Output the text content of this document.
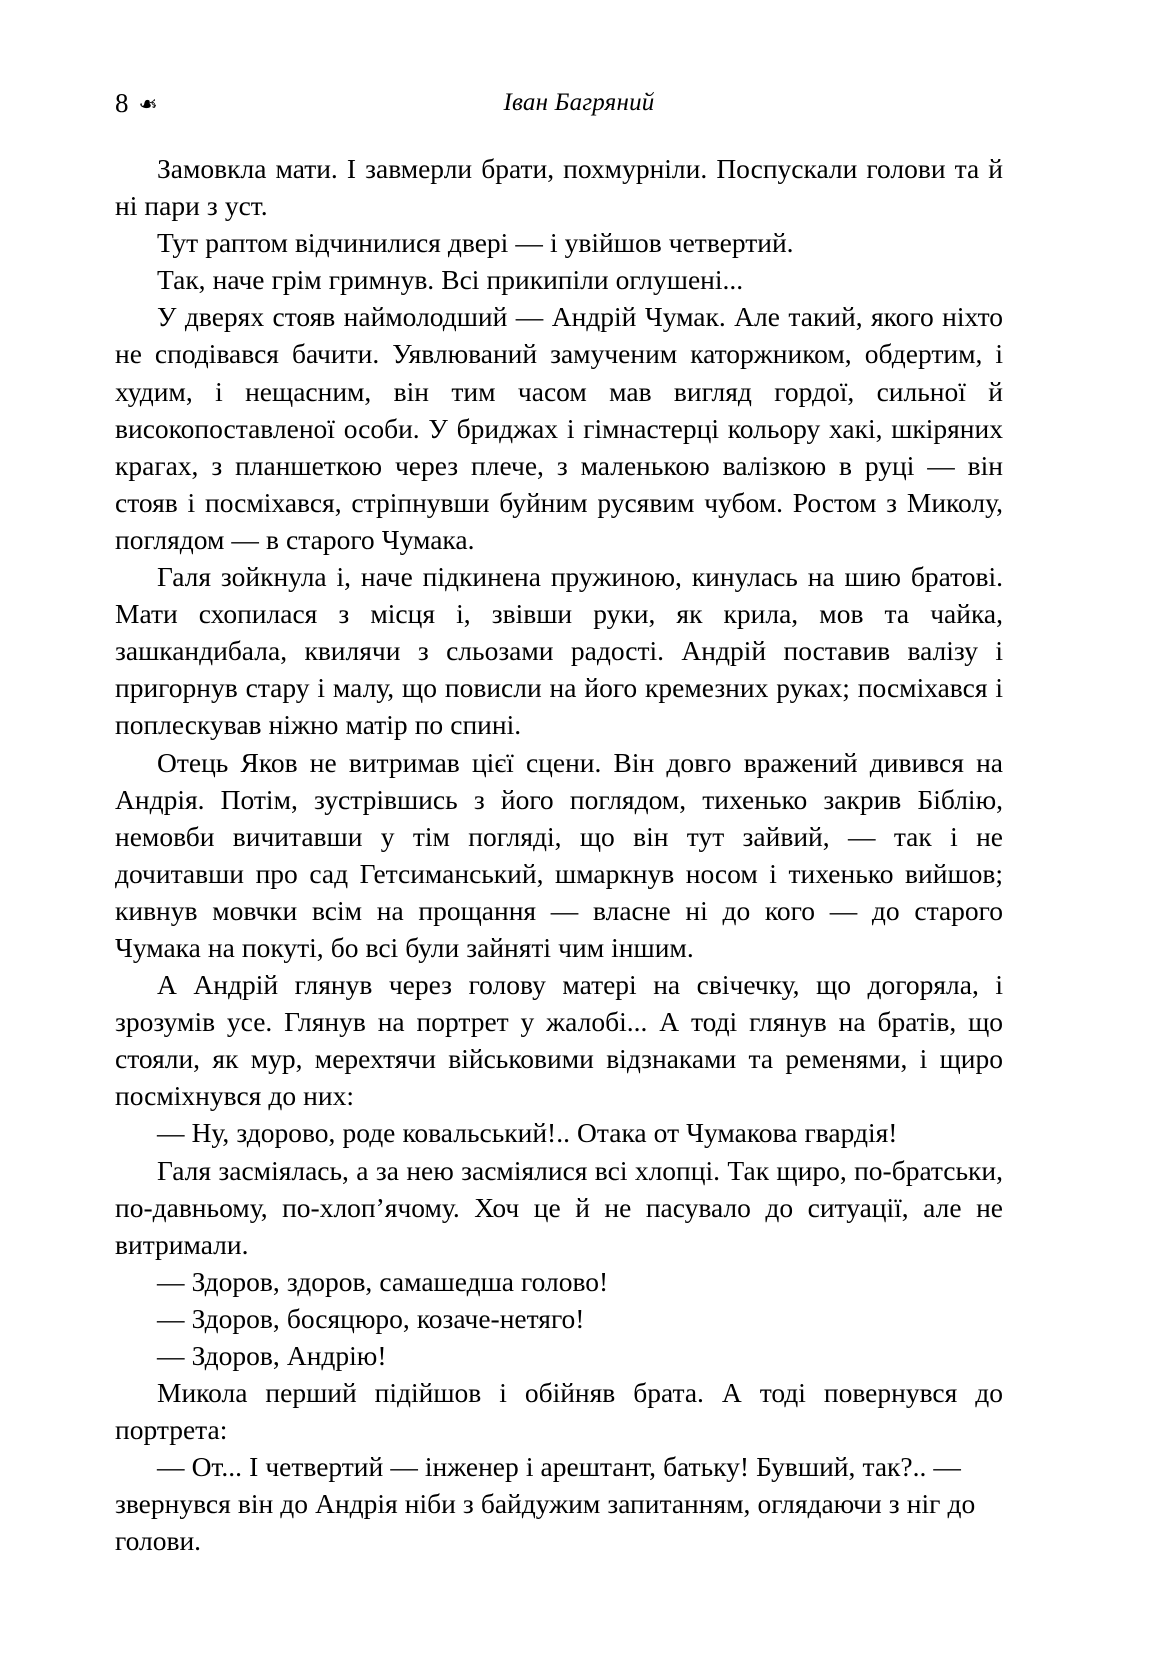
8 ❧	Іван Багряний

Замовкла мати. І завмерли брати, похмурніли. Поспускали голови та й ні пари з уст.

Тут раптом відчинилися двері — і увійшов четвертий.

Так, наче грім гримнув. Всі прикипіли оглушені...

У дверях стояв наймолодший — Андрій Чумак. Але такий, якого ніхто не сподівався бачити. Уявлюваний замученим каторжником, обдертим, і худим, і нещасним, він тим часом мав вигляд гордої, сильної й високопоставленої особи. У бриджах і гімнастерці кольору хакі, шкіряних крагах, з планшеткою через плече, з маленькою валізкою в руці — він стояв і посміхався, стріпнувши буйним русявим чубом. Ростом з Миколу, поглядом — в старого Чумака.

Галя зойкнула і, наче підкинена пружиною, кинулась на шию братові. Мати схопилася з місця і, звівши руки, як крила, мов та чайка, зашкандибала, квилячи з сльозами радості. Андрій поставив валізу і пригорнув стару і малу, що повисли на його кремезних руках; посміхався і поплескував ніжно матір по спині.

Отець Яков не витримав цієї сцени. Він довго вражений дивився на Андрія. Потім, зустрівшись з його поглядом, тихенько закрив Біблію, немовби вичитавши у тім погляді, що він тут зайвий, — так і не дочитавши про сад Гетсиманський, шмаркнув носом і тихенько вийшов; кивнув мовчки всім на прощання — власне ні до кого — до старого Чумака на покуті, бо всі були зайняті чим іншим.

А Андрій глянув через голову матері на свічечку, що догоряла, і зрозумів усе. Глянув на портрет у жалобі... А тоді глянув на братів, що стояли, як мур, мерехтячи військовими відзнаками та ременями, і щиро посміхнувся до них:

— Ну, здорово, роде ковальський!.. Отака от Чумакова гвардія!

Галя засміялась, а за нею засміялися всі хлопці. Так щиро, по-братськи, по-давньому, по-хлоп’ячому. Хоч це й не пасувало до ситуації, але не витримали.

— Здоров, здоров, самашедша голово!

— Здоров, босяцюро, козаче-нетяго!

— Здоров, Андрію!

Микола перший підійшов і обійняв брата. А тоді повернувся до портрета:

— От... І четвертий — інженер і арештант, батьку! Бувший, так?.. — звернувся він до Андрія ніби з байдужим запитанням, оглядаючи з ніг до голови.
